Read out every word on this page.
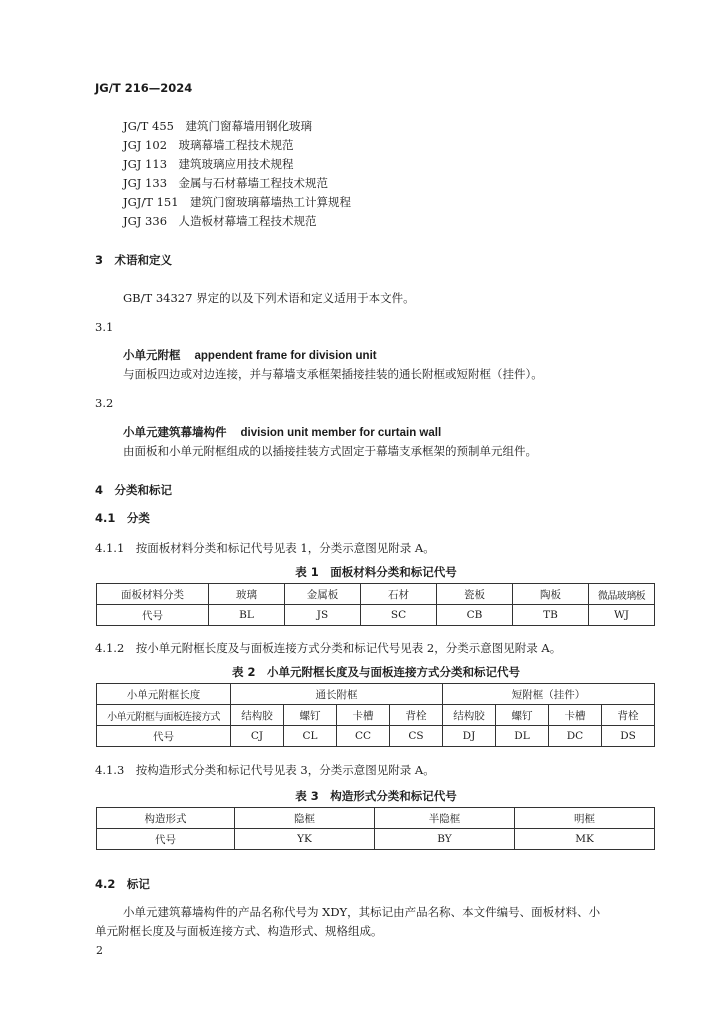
JG/T 216—2024
JG/T 455　建筑门窗幕墙用钢化玻璃
JGJ 102　玻璃幕墙工程技术规范
JGJ 113　建筑玻璃应用技术规程
JGJ 133　金属与石材幕墙工程技术规范
JGJ/T 151　建筑门窗玻璃幕墙热工计算规程
JGJ 336　人造板材幕墙工程技术规范
3　术语和定义
GB/T 34327 界定的以及下列术语和定义适用于本文件。
3.1
小单元附框 appendent frame for division unit
与面板四边或对边连接，并与幕墙支承框架插接挂装的通长附框或短附框（挂件）。
3.2
小单元建筑幕墙构件 division unit member for curtain wall
由面板和小单元附框组成的以插接挂装方式固定于幕墙支承框架的预制单元组件。
4　分类和标记
4.1　分类
4.1.1　按面板材料分类和标记代号见表 1，分类示意图见附录 A。
表 1　面板材料分类和标记代号
面板材料分类	玻璃	金属板	石材	瓷板	陶板	微晶玻璃板
代号	BL	JS	SC	CB	TB	WJ
4.1.2　按小单元附框长度及与面板连接方式分类和标记代号见表 2，分类示意图见附录 A。
表 2　小单元附框长度及与面板连接方式分类和标记代号
小单元附框长度	通长附框				短附框（挂件）			
小单元附框与面板连接方式	结构胶	螺钉	卡槽	背栓	结构胶	螺钉	卡槽	背栓
代号	CJ	CL	CC	CS	DJ	DL	DC	DS
4.1.3　按构造形式分类和标记代号见表 3，分类示意图见附录 A。
表 3　构造形式分类和标记代号
构造形式	隐框	半隐框	明框
代号	YK	BY	MK
4.2　标记
小单元建筑幕墙构件的产品名称代号为 XDY，其标记由产品名称、本文件编号、面板材料、小
单元附框长度及与面板连接方式、构造形式、规格组成。
2
